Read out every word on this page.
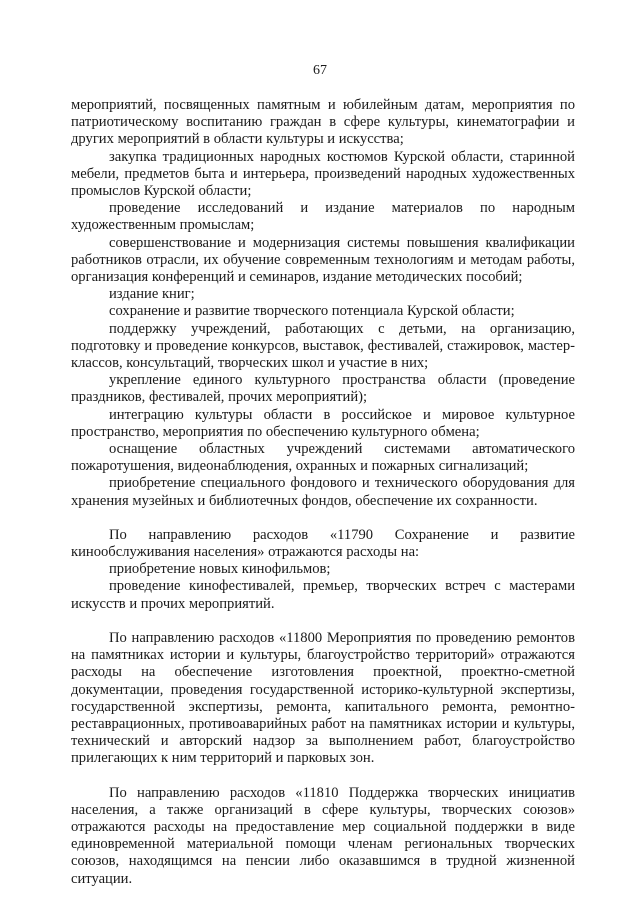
67

мероприятий, посвященных памятным и юбилейным датам, мероприятия по патриотическому воспитанию граждан в сфере культуры, кинематографии и других мероприятий в области культуры и искусства;

закупка традиционных народных костюмов Курской области, старинной мебели, предметов быта и интерьера, произведений народных художественных промыслов Курской области;

проведение исследований и издание материалов по народным художественным промыслам;

совершенствование и модернизация системы повышения квалификации работников отрасли, их обучение современным технологиям и методам работы, организация конференций и семинаров, издание методических пособий;

издание книг;

сохранение и развитие творческого потенциала Курской области;

поддержку учреждений, работающих с детьми, на организацию, подготовку и проведение конкурсов, выставок, фестивалей, стажировок, мастер-классов, консультаций, творческих школ и участие в них;

укрепление единого культурного пространства области (проведение праздников, фестивалей, прочих мероприятий);

интеграцию культуры области в российское и мировое культурное пространство, мероприятия по обеспечению культурного обмена;

оснащение областных учреждений системами автоматического пожаротушения, видеонаблюдения, охранных и пожарных сигнализаций;

приобретение специального фондового и технического оборудования для хранения музейных и библиотечных фондов, обеспечение их сохранности.

По направлению расходов «11790 Сохранение и развитие кинообслуживания населения» отражаются расходы на:

приобретение новых кинофильмов;

проведение кинофестивалей, премьер, творческих встреч с мастерами искусств и прочих мероприятий.

По направлению расходов «11800 Мероприятия по проведению ремонтов на памятниках истории и культуры, благоустройство территорий» отражаются расходы на обеспечение изготовления проектной, проектно-сметной документации, проведения государственной историко-культурной экспертизы, государственной экспертизы, ремонта, капитального ремонта, ремонтно-реставрационных, противоаварийных работ на памятниках истории и культуры, технический и авторский надзор за выполнением работ, благоустройство прилегающих к ним территорий и парковых зон.

По направлению расходов «11810 Поддержка творческих инициатив населения, а также организаций в сфере культуры, творческих союзов» отражаются расходы на предоставление мер социальной поддержки в виде единовременной материальной помощи членам региональных творческих союзов, находящимся на пенсии либо оказавшимся в трудной жизненной ситуации.
